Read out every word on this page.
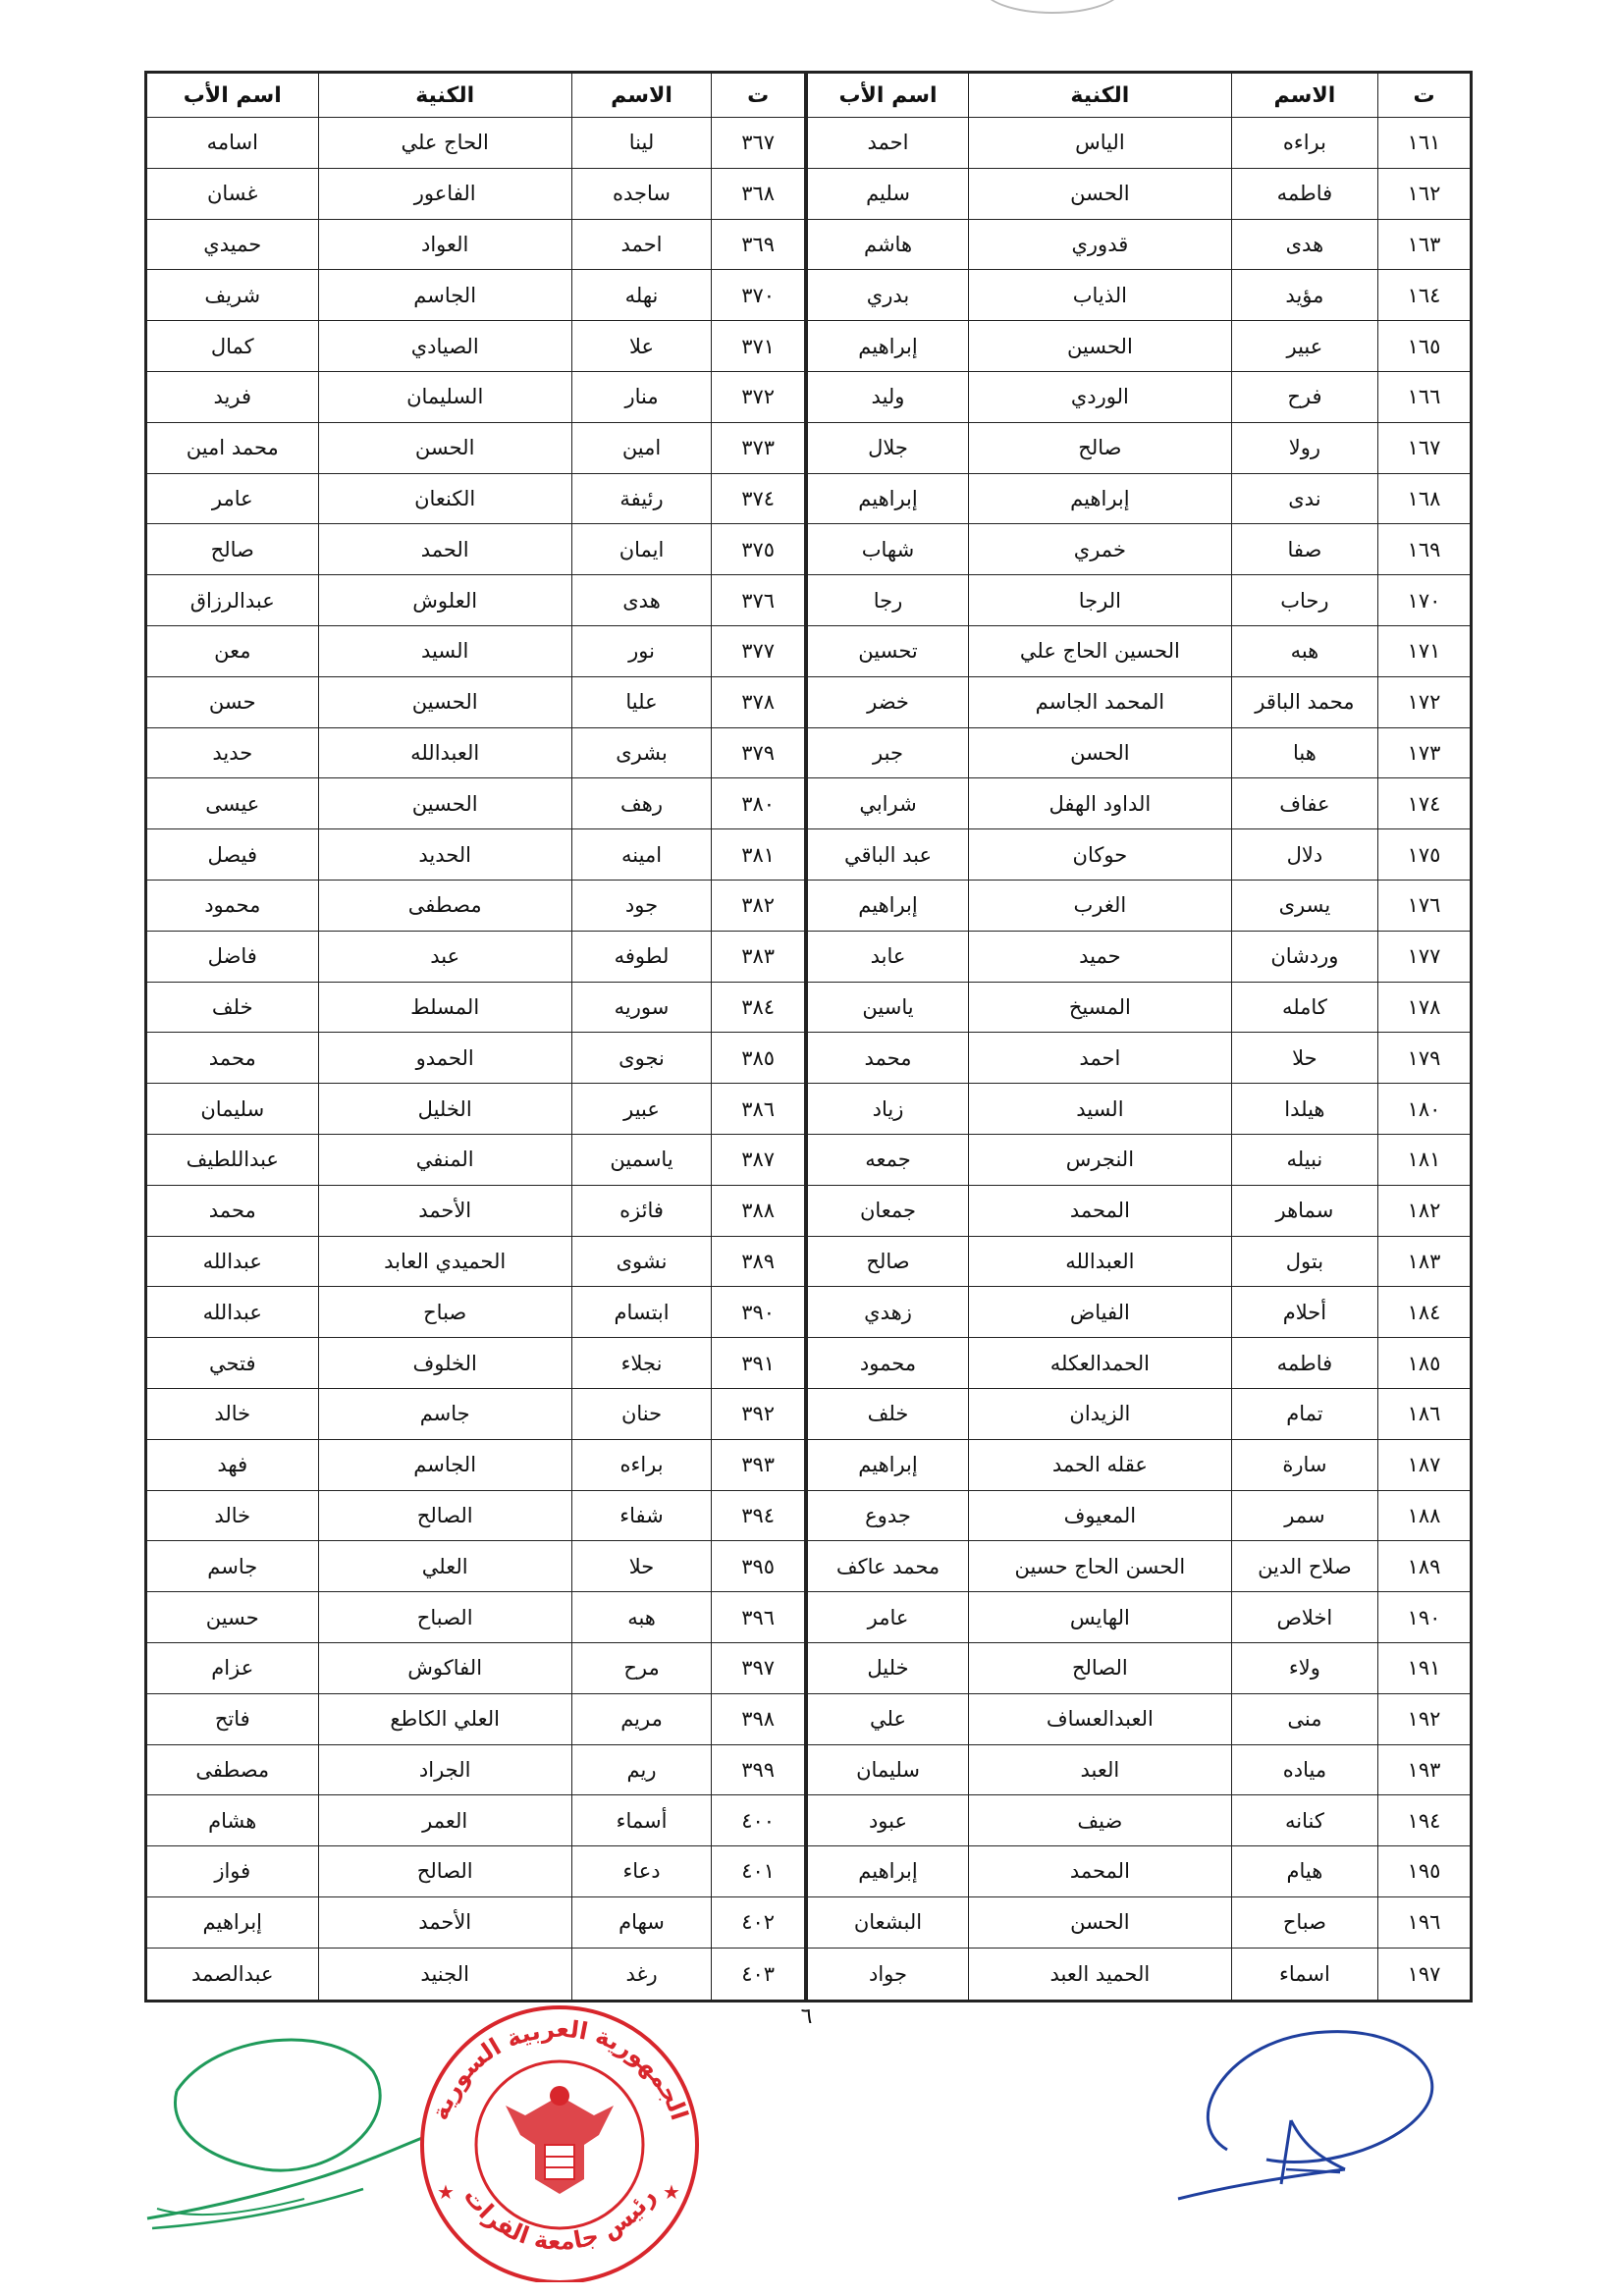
ت	الاسم	الكنية	اسم الأب
١٦١	براءه	الياس	احمد
١٦٢	فاطمه	الحسن	سليم
١٦٣	هدى	قدوري	هاشم
١٦٤	مؤيد	الذياب	بدري
١٦٥	عبير	الحسين	إبراهيم
١٦٦	فرح	الوردي	وليد
١٦٧	رولا	صالح	جلال
١٦٨	ندى	إبراهيم	إبراهيم
١٦٩	صفا	خمري	شهاب
١٧٠	رحاب	الرجا	رجا
١٧١	هبه	الحسين الحاج علي	تحسين
١٧٢	محمد الباقر	المحمد الجاسم	خضر
١٧٣	هبا	الحسن	جبر
١٧٤	عفاف	الداود الهفل	شرابي
١٧٥	دلال	حوكان	عبد الباقي
١٧٦	يسرى	الغرب	إبراهيم
١٧٧	وردشان	حميد	عابد
١٧٨	كامله	المسيخ	ياسين
١٧٩	حلا	احمد	محمد
١٨٠	هيلدا	السيد	زياد
١٨١	نبيله	النجرس	جمعه
١٨٢	سماهر	المحمد	جمعان
١٨٣	بتول	العبدالله	صالح
١٨٤	أحلام	الفياض	زهدي
١٨٥	فاطمه	الحمدالعكله	محمود
١٨٦	تمام	الزيدان	خلف
١٨٧	سارة	عقله الحمد	إبراهيم
١٨٨	سمر	المعيوف	جدوع
١٨٩	صلاح الدين	الحسن الحاج حسين	محمد عاكف
١٩٠	اخلاص	الهايس	عامر
١٩١	ولاء	الصالح	خليل
١٩٢	منى	العبدالعساف	علي
١٩٣	مياده	العبد	سليمان
١٩٤	كنانه	ضيف	عبود
١٩٥	هيام	المحمد	إبراهيم
١٩٦	صباح	الحسن	البشعان
١٩٧	اسماء	الحميد العبد	جواد
ت	الاسم	الكنية	اسم الأب
٣٦٧	لينا	الحاج علي	اسامه
٣٦٨	ساجده	الفاعور	غسان
٣٦٩	احمد	العواد	حميدي
٣٧٠	نهله	الجاسم	شريف
٣٧١	علا	الصيادي	كمال
٣٧٢	منار	السليمان	فريد
٣٧٣	امين	الحسن	محمد امين
٣٧٤	رئيفة	الكنعان	عامر
٣٧٥	ايمان	الحمد	صالح
٣٧٦	هدى	العلوش	عبدالرزاق
٣٧٧	نور	السيد	معن
٣٧٨	عليا	الحسين	حسن
٣٧٩	بشرى	العبدالله	حديد
٣٨٠	رهف	الحسين	عيسى
٣٨١	امينه	الحديد	فيصل
٣٨٢	جود	مصطفى	محمود
٣٨٣	لطوفه	عبد	فاضل
٣٨٤	سوريه	المسلط	خلف
٣٨٥	نجوى	الحمدو	محمد
٣٨٦	عبير	الخليل	سليمان
٣٨٧	ياسمين	المنفي	عبداللطيف
٣٨٨	فائزه	الأحمد	محمد
٣٨٩	نشوى	الحميدي العابد	عبدالله
٣٩٠	ابتسام	صباح	عبدالله
٣٩١	نجلاء	الخلوف	فتحي
٣٩٢	حنان	جاسم	خالد
٣٩٣	براءه	الجاسم	فهد
٣٩٤	شفاء	الصالح	خالد
٣٩٥	حلا	العلي	جاسم
٣٩٦	هبه	الصباح	حسين
٣٩٧	مرح	الفاكوش	عزام
٣٩٨	مريم	العلي الكاطع	فاتح
٣٩٩	ريم	الجراد	مصطفى
٤٠٠	أسماء	العمر	هشام
٤٠١	دعاء	الصالح	فواز
٤٠٢	سهام	الأحمد	إبراهيم
٤٠٣	رغد	الجنيد	عبدالصمد
٦
الجمهورية العربية السورية
رئيس جامعة الفرات
★	★
